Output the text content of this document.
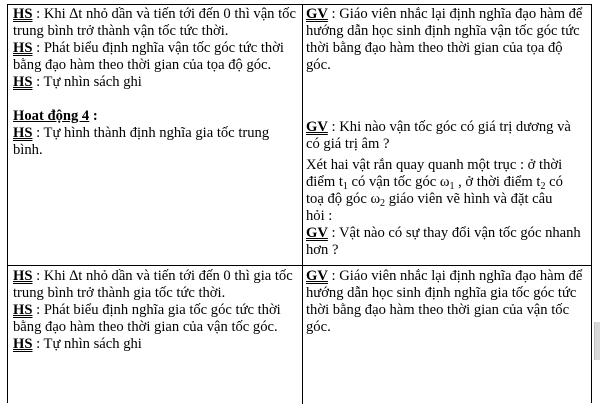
HS : Khi ∆t nhỏ dần và tiến tới đến 0 thì vận tốc trung bình trở thành vận tốc tức thời.

HS : Phát biểu định nghĩa vận tốc góc tức thời bằng đạo hàm theo thời gian của tọa độ góc.

HS : Tự nhìn sách ghi

Hoat động 4 :

HS : Tự hình thành định nghĩa gia tốc trung bình.

HS : Khi ∆t nhỏ dần và tiến tới đến 0 thì gia tốc trung bình trở thành gia tốc tức thời.

HS : Phát biểu định nghĩa gia tốc góc tức thời bằng đạo hàm theo thời gian của vận tốc góc.

HS : Tự nhìn sách ghi

GV : Giáo viên nhắc lại định nghĩa đạo hàm để hướng dẫn học sinh định nghĩa vận tốc góc tức thời bằng đạo hàm theo thời gian của tọa độ góc.

GV : Khi nào vận tốc góc có giá trị dương và có giá trị âm ?

Xét hai vật rắn quay quanh một trục : ở thời
điểm $t_1$ có vận tốc góc $\omega_1$ , ở thời điểm $t_2$ có
toạ độ góc $\omega_2$ giáo viên vẽ hình và đặt câu
hỏi :

GV : Vật nào có sự thay đổi vận tốc góc nhanh hơn ?

GV : Giáo viên nhắc lại định nghĩa đạo hàm để hướng dẫn học sinh định nghĩa gia tốc góc tức thời bằng đạo hàm theo thời gian của vận tốc góc.
